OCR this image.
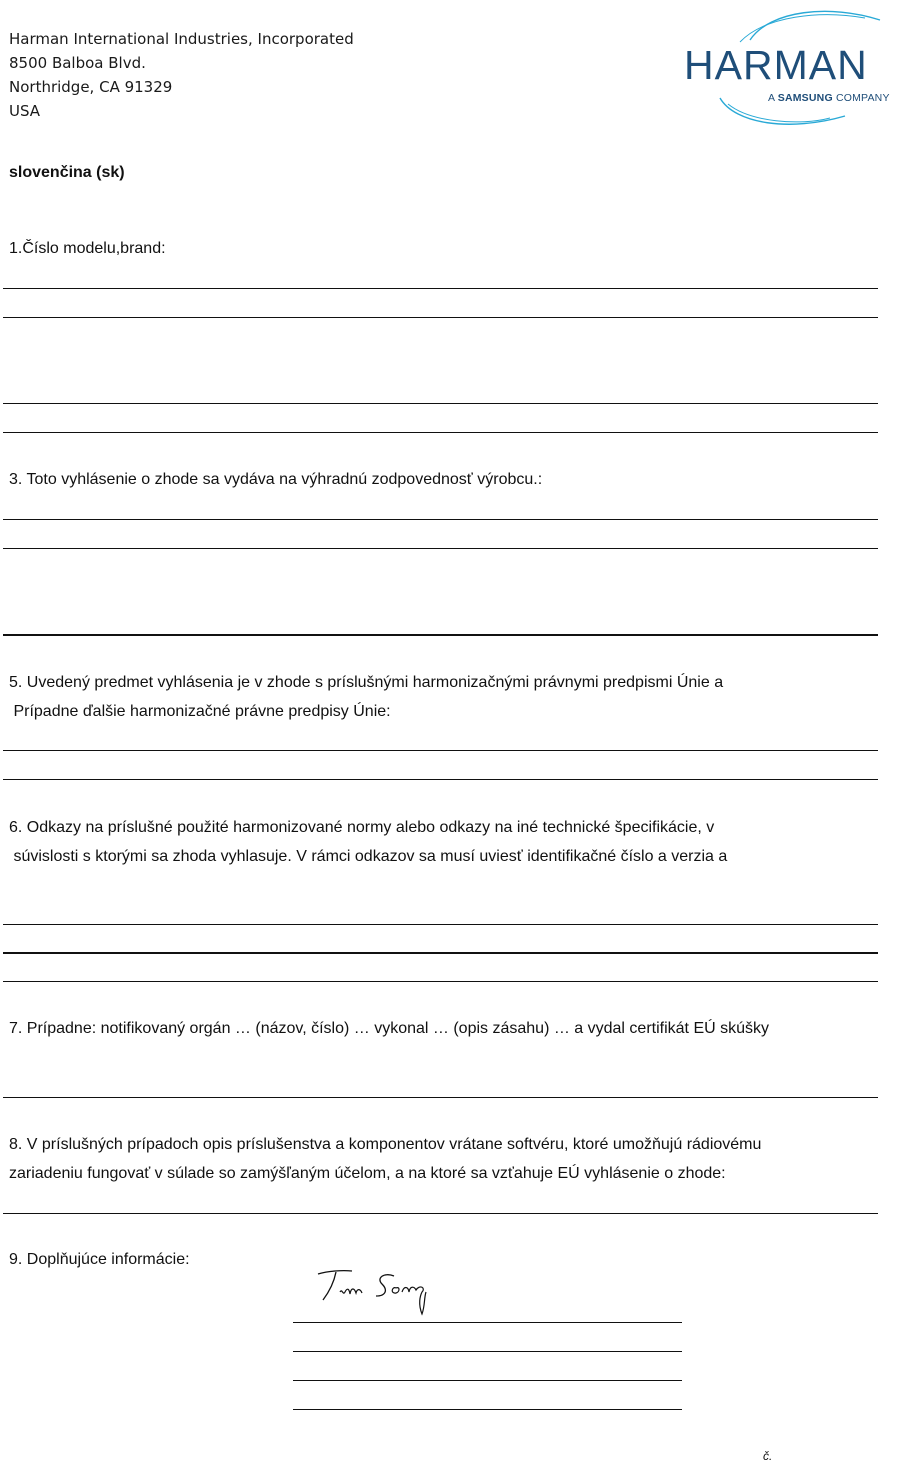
Harman International Industries, Incorporated
8500 Balboa Blvd.
Northridge, CA 91329
USA
HARMAN
A SAMSUNG COMPANY
slovenčina (sk)
1.Číslo modelu,brand:
3. Toto vyhlásenie o zhode sa vydáva na výhradnú zodpovednosť výrobcu.:
5. Uvedený predmet vyhlásenia je v zhode s príslušnými harmonizačnými právnymi predpismi Únie a
Prípadne ďalšie harmonizačné právne predpisy Únie:
6. Odkazy na príslušné použité harmonizované normy alebo odkazy na iné technické špecifikácie, v
súvislosti s ktorými sa zhoda vyhlasuje. V rámci odkazov sa musí uviesť identifikačné číslo a verzia a
7. Prípadne: notifikovaný orgán … (názov, číslo) … vykonal … (opis zásahu) … a vydal certifikát EÚ skúšky
8. V príslušných prípadoch opis príslušenstva a komponentov vrátane softvéru, ktoré umožňujú rádiovému
zariadeniu fungovať v súlade so zamýšľaným účelom, a na ktoré sa vzťahuje EÚ vyhlásenie o zhode:
9. Doplňujúce informácie:
č.
